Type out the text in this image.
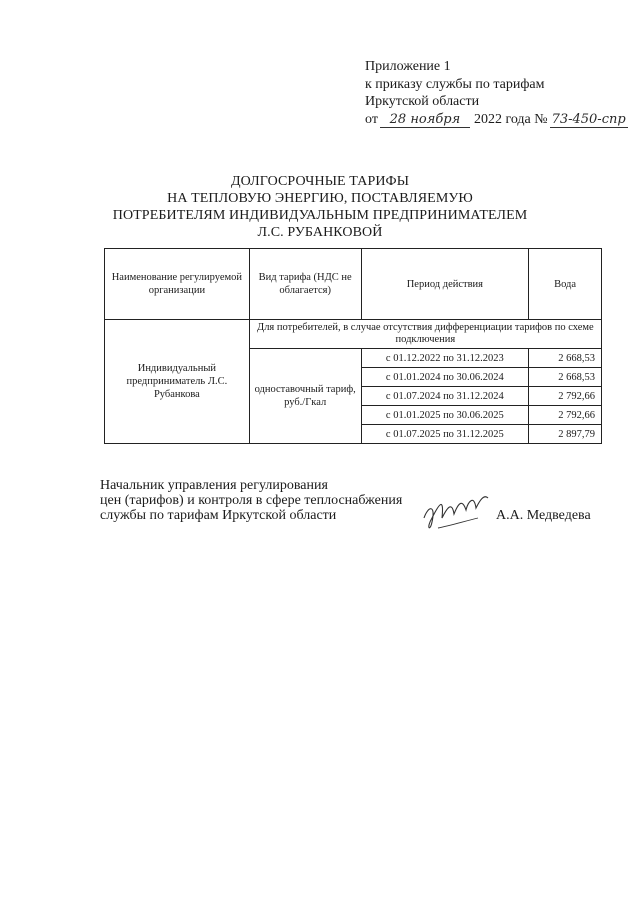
Приложение 1
к приказу службы по тарифам
Иркутской области
от 28 ноября 2022 года № 73-450-спр
ДОЛГОСРОЧНЫЕ ТАРИФЫ
НА ТЕПЛОВУЮ ЭНЕРГИЮ, ПОСТАВЛЯЕМУЮ
ПОТРЕБИТЕЛЯМ ИНДИВИДУАЛЬНЫМ ПРЕДПРИНИМАТЕЛЕМ
Л.С. РУБАНКОВОЙ
Наименование регулируемой организации	Вид тарифа (НДС не облагается)	Период действия	Вода
Индивидуальный предприниматель Л.С. Рубанкова	Для потребителей, в случае отсутствия дифференциации тарифов по схеме подключения		
	одноставочный тариф, руб./Гкал	с 01.12.2022 по 31.12.2023	2 668,53
		с 01.01.2024 по 30.06.2024	2 668,53
		с 01.07.2024 по 31.12.2024	2 792,66
		с 01.01.2025 по 30.06.2025	2 792,66
		с 01.07.2025 по 31.12.2025	2 897,79
Начальник управления регулирования
цен (тарифов) и контроля в сфере теплоснабжения
службы по тарифам Иркутской области	А.А. Медведева
